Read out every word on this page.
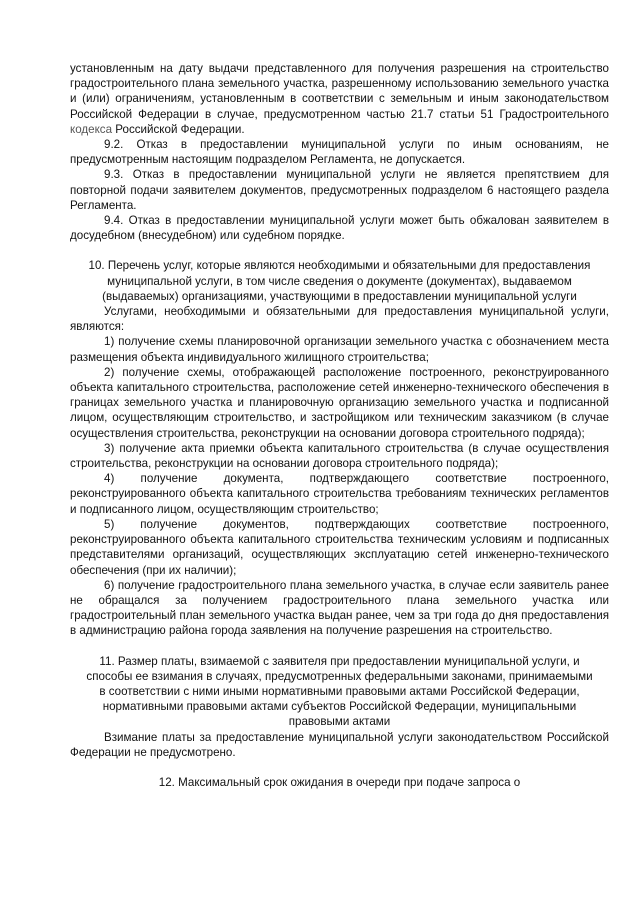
установленным на дату выдачи представленного для получения разрешения на строительство градостроительного плана земельного участка, разрешенному использованию земельного участка и (или) ограничениям, установленным в соответствии с земельным и иным законодательством Российской Федерации в случае, предусмотренном частью 21.7 статьи 51 Градостроительного кодекса Российской Федерации.

9.2. Отказ в предоставлении муниципальной услуги по иным основаниям, не предусмотренным настоящим подразделом Регламента, не допускается.

9.3. Отказ в предоставлении муниципальной услуги не является препятствием для повторной подачи заявителем документов, предусмотренных подразделом 6 настоящего раздела Регламента.

9.4. Отказ в предоставлении муниципальной услуги может быть обжалован заявителем в досудебном (внесудебном) или судебном порядке.

10. Перечень услуг, которые являются необходимыми и обязательными для предоставления муниципальной услуги, в том числе сведения о документе (документах), выдаваемом (выдаваемых) организациями, участвующими в предоставлении муниципальной услуги

Услугами, необходимыми и обязательными для предоставления муниципальной услуги, являются:

1) получение схемы планировочной организации земельного участка с обозначением места размещения объекта индивидуального жилищного строительства;

2) получение схемы, отображающей расположение построенного, реконструированного объекта капитального строительства, расположение сетей инженерно-технического обеспечения в границах земельного участка и планировочную организацию земельного участка и подписанной лицом, осуществляющим строительство, и застройщиком или техническим заказчиком (в случае осуществления строительства, реконструкции на основании договора строительного подряда);

3) получение акта приемки объекта капитального строительства (в случае осуществления строительства, реконструкции на основании договора строительного подряда);

4) получение документа, подтверждающего соответствие построенного, реконструированного объекта капитального строительства требованиям технических регламентов и подписанного лицом, осуществляющим строительство;

5) получение документов, подтверждающих соответствие построенного, реконструированного объекта капитального строительства техническим условиям и подписанных представителями организаций, осуществляющих эксплуатацию сетей инженерно-технического обеспечения (при их наличии);

6) получение градостроительного плана земельного участка, в случае если заявитель ранее не обращался за получением градостроительного плана земельного участка или градостроительный план земельного участка выдан ранее, чем за три года до дня предоставления в администрацию района города заявления на получение разрешения на строительство.

11. Размер платы, взимаемой с заявителя при предоставлении муниципальной услуги, и способы ее взимания в случаях, предусмотренных федеральными законами, принимаемыми в соответствии с ними иными нормативными правовыми актами Российской Федерации, нормативными правовыми актами субъектов Российской Федерации, муниципальными правовыми актами

Взимание платы за предоставление муниципальной услуги законодательством Российской Федерации не предусмотрено.

12. Максимальный срок ожидания в очереди при подаче запроса о
